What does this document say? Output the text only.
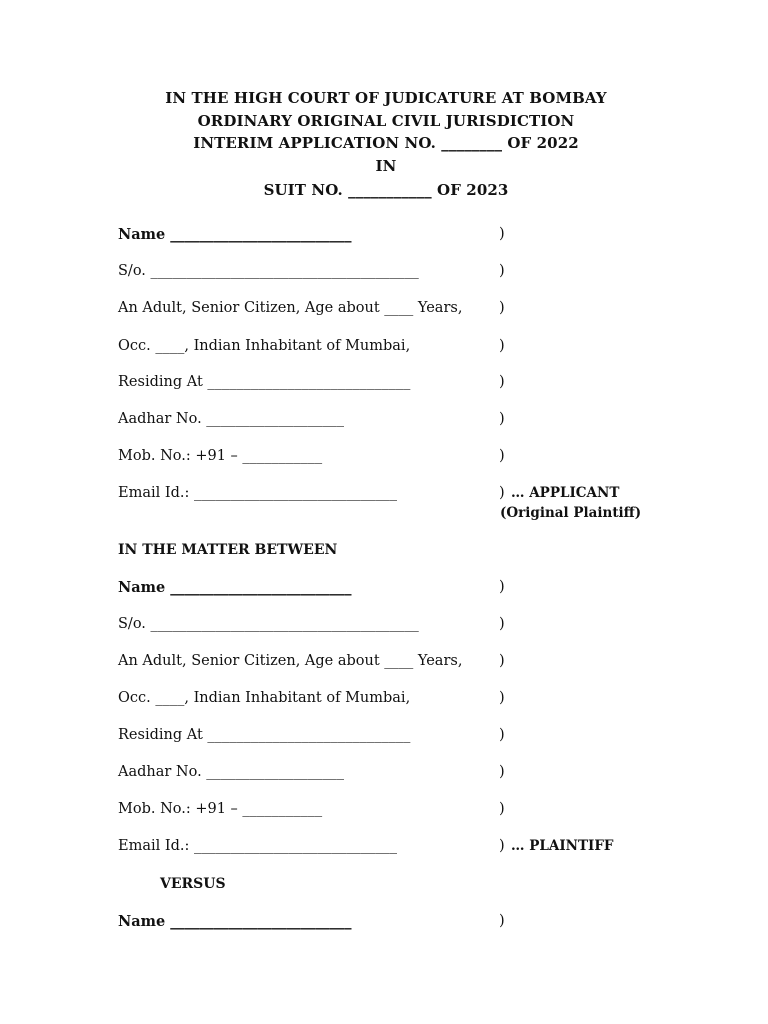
IN THE HIGH COURT OF JUDICATURE AT BOMBAY
ORDINARY ORIGINAL CIVIL JURISDICTION
INTERIM APPLICATION NO. ________ OF 2022
IN
SUIT NO. ___________ OF 2023
Name _________________________	)
S/o. _____________________________________	)
An Adult, Senior Citizen, Age about ____ Years,	)
Occ. ____, Indian Inhabitant of Mumbai,	)
Residing At ____________________________	)
Aadhar No. ___________________	)
Mob. No.: +91 – ___________	)
Email Id.: ____________________________	) … APPLICANT
(Original Plaintiff)
IN THE MATTER BETWEEN
Name _________________________	)
S/o. _____________________________________	)
An Adult, Senior Citizen, Age about ____ Years,	)
Occ. ____, Indian Inhabitant of Mumbai,	)
Residing At ____________________________	)
Aadhar No. ___________________	)
Mob. No.: +91 – ___________	)
Email Id.: ____________________________	) … PLAINTIFF
VERSUS
Name _________________________	)
